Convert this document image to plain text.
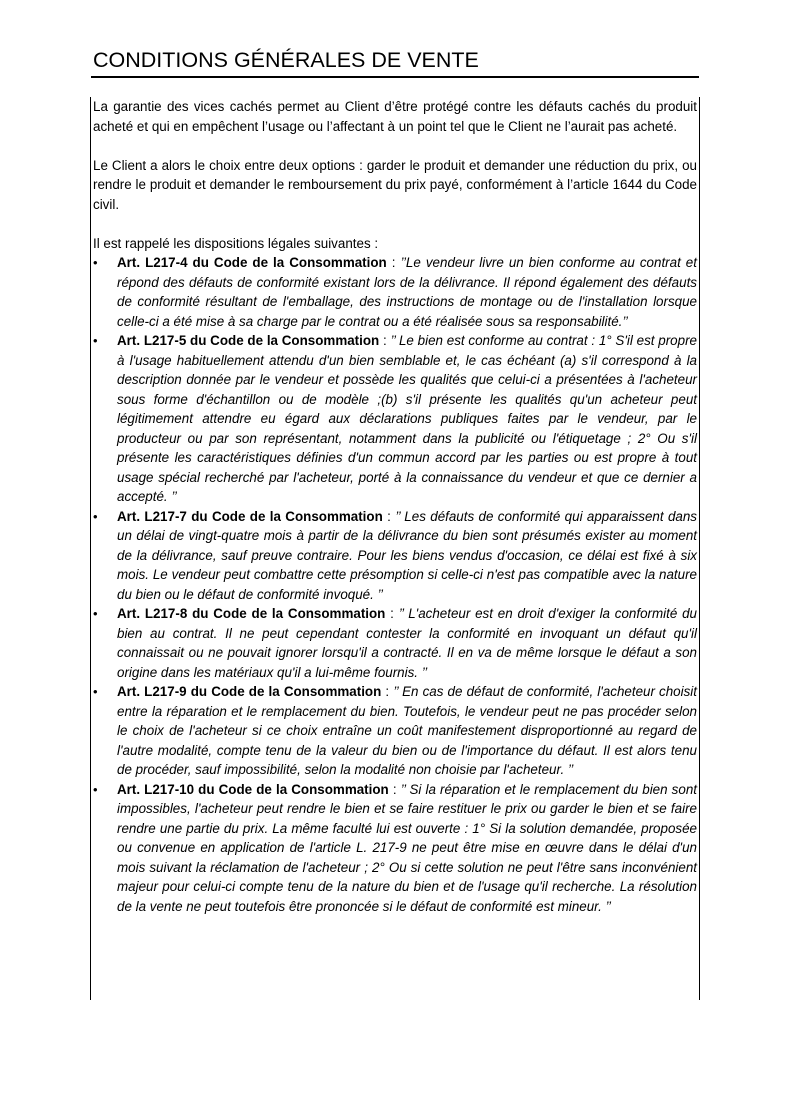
CONDITIONS GÉNÉRALES DE VENTE

La garantie des vices cachés permet au Client d’être protégé contre les défauts cachés du produit acheté et qui en empêchent l’usage ou l’affectant à un point tel que le Client ne l’aurait pas acheté.

Le Client a alors le choix entre deux options : garder le produit et demander une réduction du prix, ou rendre le produit et demander le remboursement du prix payé, conformément à l’article 1644 du Code civil.

Il est rappelé les dispositions légales suivantes :

• Art. L217-4 du Code de la Consommation : ’’Le vendeur livre un bien conforme au contrat et répond des défauts de conformité existant lors de la délivrance. Il répond également des défauts de conformité résultant de l'emballage, des instructions de montage ou de l'installation lorsque celle-ci a été mise à sa charge par le contrat ou a été réalisée sous sa responsabilité.’’
• Art. L217-5 du Code de la Consommation : ’’ Le bien est conforme au contrat : 1° S'il est propre à l'usage habituellement attendu d'un bien semblable et, le cas échéant (a) s'il correspond à la description donnée par le vendeur et possède les qualités que celui-ci a présentées à l'acheteur sous forme d'échantillon ou de modèle ;(b) s'il présente les qualités qu'un acheteur peut légitimement attendre eu égard aux déclarations publiques faites par le vendeur, par le producteur ou par son représentant, notamment dans la publicité ou l'étiquetage ; 2° Ou s'il présente les caractéristiques définies d'un commun accord par les parties ou est propre à tout usage spécial recherché par l'acheteur, porté à la connaissance du vendeur et que ce dernier a accepté. ’’
• Art. L217-7 du Code de la Consommation : ’’ Les défauts de conformité qui apparaissent dans un délai de vingt-quatre mois à partir de la délivrance du bien sont présumés exister au moment de la délivrance, sauf preuve contraire. Pour les biens vendus d'occasion, ce délai est fixé à six mois. Le vendeur peut combattre cette présomption si celle-ci n'est pas compatible avec la nature du bien ou le défaut de conformité invoqué. ’’
• Art. L217-8 du Code de la Consommation : ’’ L'acheteur est en droit d'exiger la conformité du bien au contrat. Il ne peut cependant contester la conformité en invoquant un défaut qu'il connaissait ou ne pouvait ignorer lorsqu'il a contracté. Il en va de même lorsque le défaut a son origine dans les matériaux qu'il a lui-même fournis. ’’
• Art. L217-9 du Code de la Consommation : ’’ En cas de défaut de conformité, l'acheteur choisit entre la réparation et le remplacement du bien. Toutefois, le vendeur peut ne pas procéder selon le choix de l'acheteur si ce choix entraîne un coût manifestement disproportionné au regard de l'autre modalité, compte tenu de la valeur du bien ou de l'importance du défaut. Il est alors tenu de procéder, sauf impossibilité, selon la modalité non choisie par l'acheteur. ’’
• Art. L217-10 du Code de la Consommation : ’’ Si la réparation et le remplacement du bien sont impossibles, l'acheteur peut rendre le bien et se faire restituer le prix ou garder le bien et se faire rendre une partie du prix. La même faculté lui est ouverte : 1° Si la solution demandée, proposée ou convenue en application de l'article L. 217-9 ne peut être mise en œuvre dans le délai d'un mois suivant la réclamation de l'acheteur ; 2° Ou si cette solution ne peut l'être sans inconvénient majeur pour celui-ci compte tenu de la nature du bien et de l'usage qu'il recherche. La résolution de la vente ne peut toutefois être prononcée si le défaut de conformité est mineur. ’’
